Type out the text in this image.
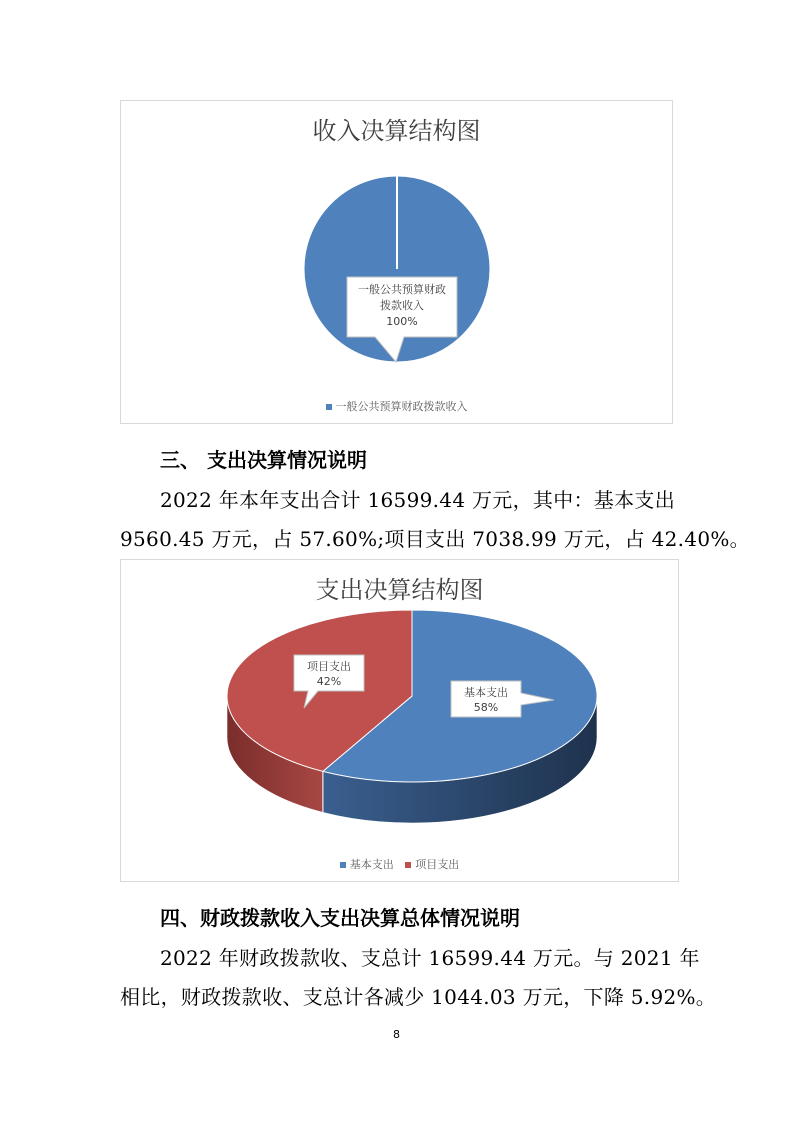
收入决算结构图
一般公共预算财政
拨款收入
100%
一般公共预算财政拨款收入
三、 支出决算情况说明
2022 年本年支出合计 16599.44 万元，其中：基本支出
9560.45 万元，占 57.60%;项目支出 7038.99 万元，占 42.40%。
支出决算结构图
项目支出
42%
基本支出
58%
基本支出 项目支出
四、财政拨款收入支出决算总体情况说明
2022 年财政拨款收、支总计 16599.44 万元。与 2021 年
相比，财政拨款收、支总计各减少 1044.03 万元，下降 5.92%。
8
